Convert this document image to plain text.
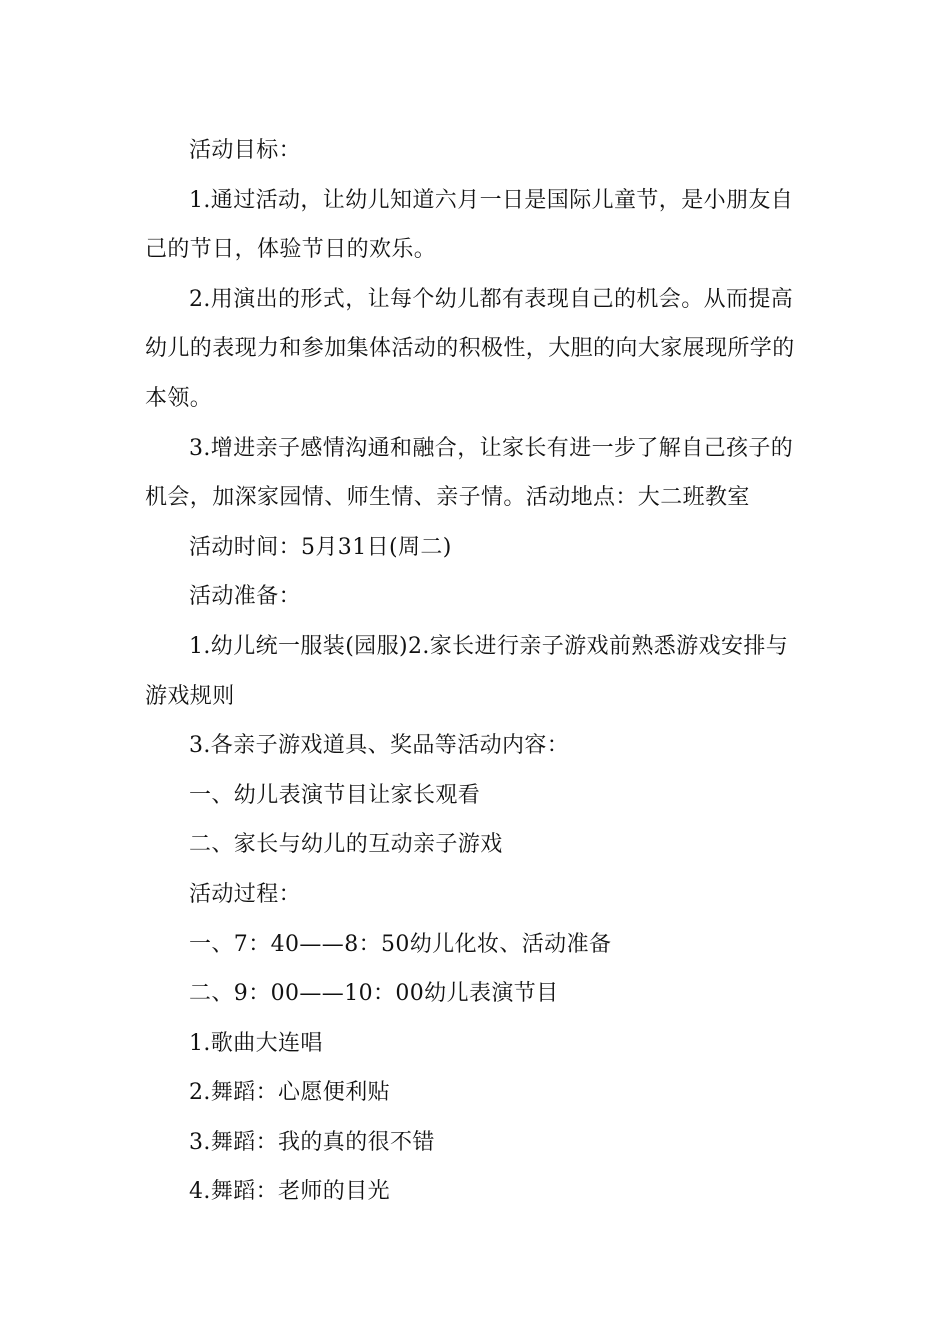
活动目标：

1.通过活动，让幼儿知道六月一日是国际儿童节，是小朋友自己的节日，体验节日的欢乐。

2.用演出的形式，让每个幼儿都有表现自己的机会。从而提高幼儿的表现力和参加集体活动的积极性，大胆的向大家展现所学的本领。

3.增进亲子感情沟通和融合，让家长有进一步了解自己孩子的机会，加深家园情、师生情、亲子情。活动地点：大二班教室

活动时间：5月31日(周二)

活动准备：

1.幼儿统一服装(园服)2.家长进行亲子游戏前熟悉游戏安排与游戏规则

3.各亲子游戏道具、奖品等活动内容：

一、幼儿表演节目让家长观看

二、家长与幼儿的互动亲子游戏

活动过程：

一、7：40——8：50幼儿化妆、活动准备

二、9：00——10：00幼儿表演节目

1.歌曲大连唱

2.舞蹈：心愿便利贴

3.舞蹈：我的真的很不错

4.舞蹈：老师的目光
